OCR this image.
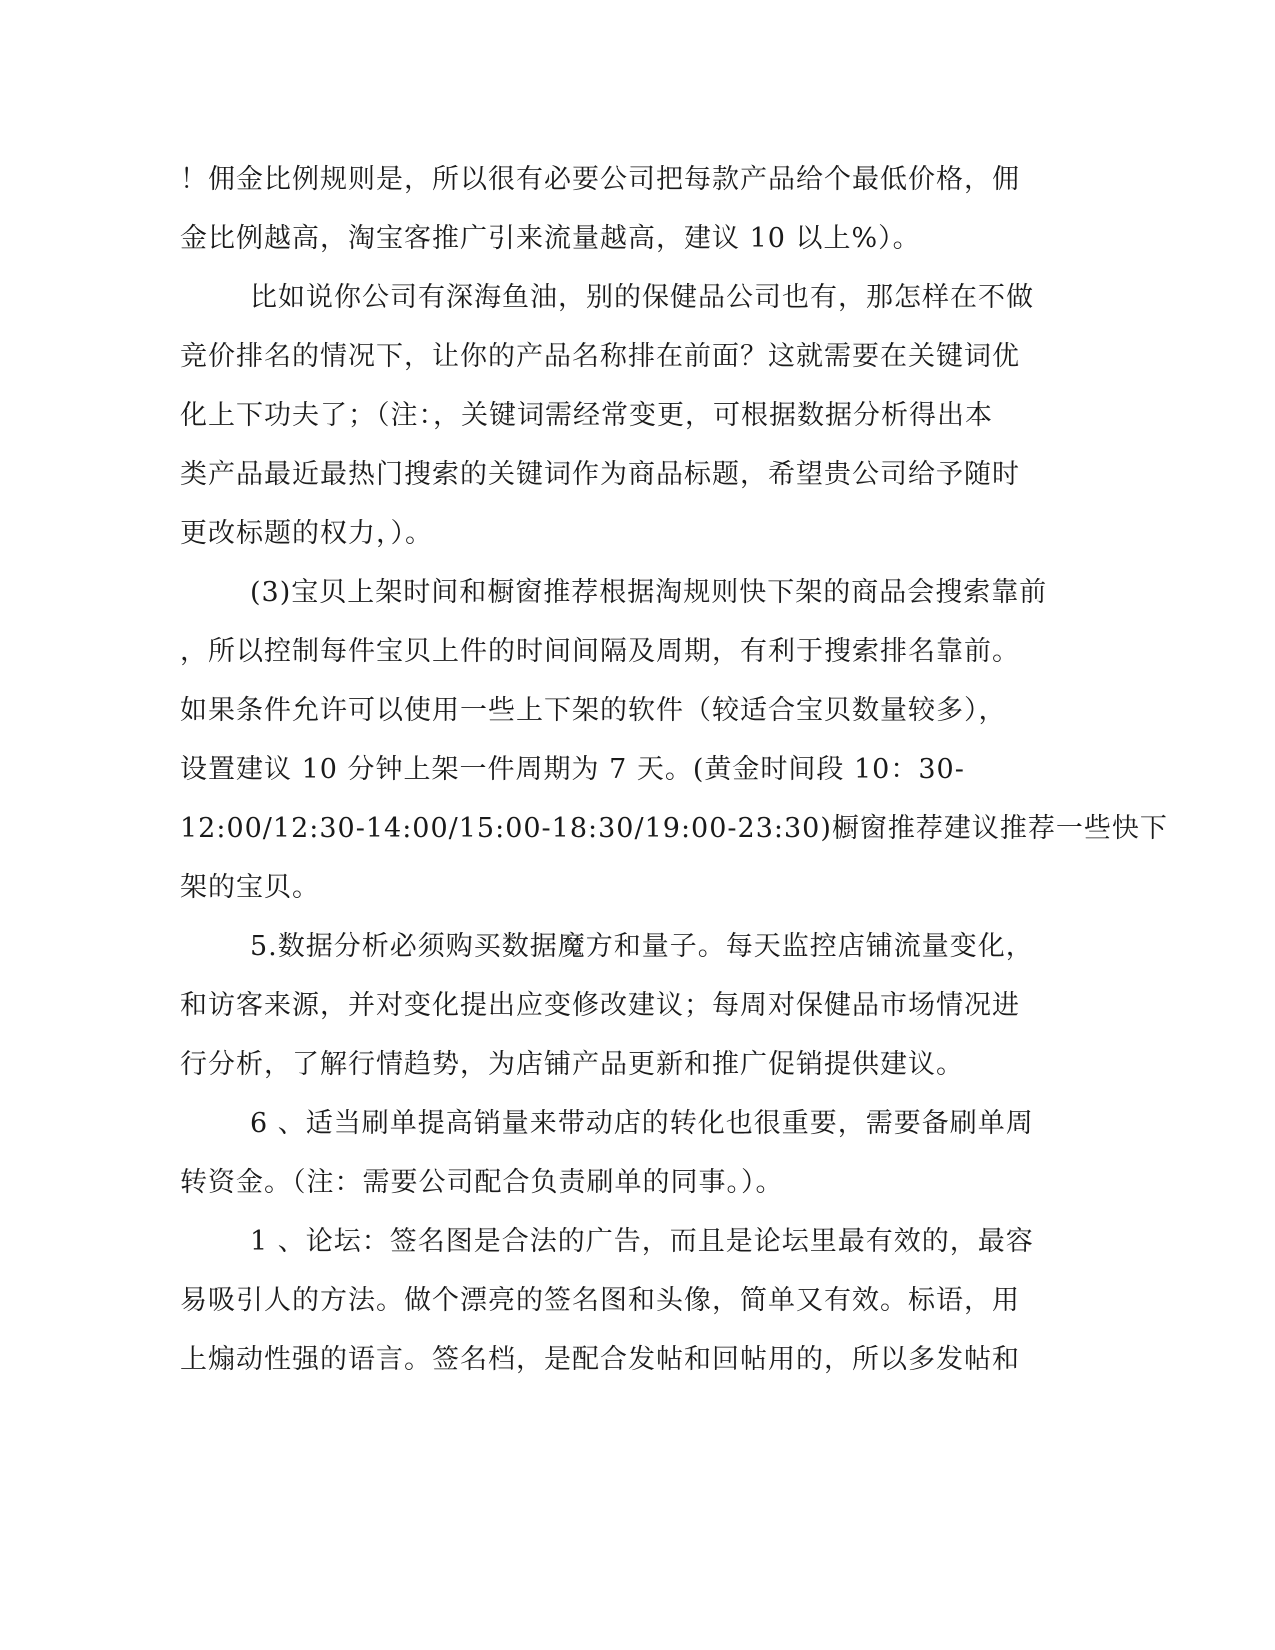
！佣金比例规则是，所以很有必要公司把每款产品给个最低价格，佣
金比例越高，淘宝客推广引来流量越高，建议 10 以上%）。
比如说你公司有深海鱼油，别的保健品公司也有，那怎样在不做
竞价排名的情况下，让你的产品名称排在前面？这就需要在关键词优
化上下功夫了；（注：，关键词需经常变更，可根据数据分析得出本
类产品最近最热门搜索的关键词作为商品标题，希望贵公司给予随时
更改标题的权力，）。
(3)宝贝上架时间和橱窗推荐根据淘规则快下架的商品会搜索靠前
，所以控制每件宝贝上件的时间间隔及周期，有利于搜索排名靠前。
如果条件允许可以使用一些上下架的软件（较适合宝贝数量较多），
设置建议 10 分钟上架一件周期为 7 天。(黄金时间段 10：30-
12:00/12:30-14:00/15:00-18:30/19:00-23:30)橱窗推荐建议推荐一些快下
架的宝贝。
5.数据分析必须购买数据魔方和量子。每天监控店铺流量变化，
和访客来源，并对变化提出应变修改建议；每周对保健品市场情况进
行分析，了解行情趋势，为店铺产品更新和推广促销提供建议。
6 、适当刷单提高销量来带动店的转化也很重要，需要备刷单周
转资金。（注：需要公司配合负责刷单的同事。）。
1 、论坛：签名图是合法的广告，而且是论坛里最有效的，最容
易吸引人的方法。做个漂亮的签名图和头像，简单又有效。标语，用
上煽动性强的语言。签名档，是配合发帖和回帖用的，所以多发帖和
